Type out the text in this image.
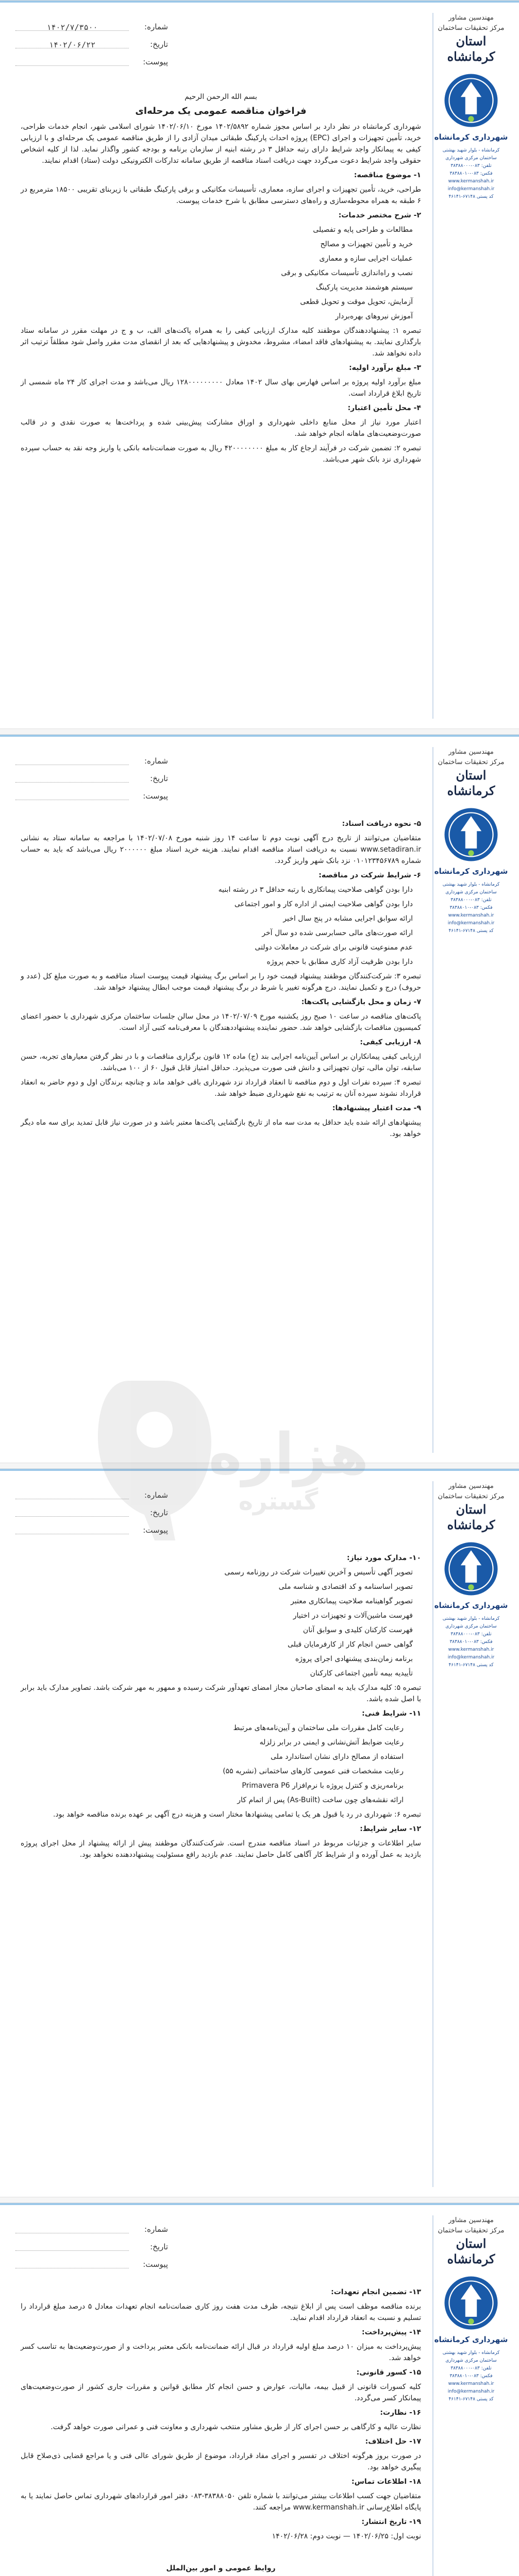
شماره:
۱۴۰۲/۷/۳۵۰۰
تاریخ:
۱۴۰۲/۰۶/۲۲
پیوست:
مهندسین مشاور
مرکز تحقیقات ساختمان
استان کرمانشاه
شهرداری کرمانشاه
کرمانشاه - بلوار شهید بهشتی
ساختمان مرکزی شهرداری
تلفن: ۰۸۳-۳۸۳۸۸۰۰۰
فکس: ۰۸۳-۳۸۳۸۸۰۱۰
www.kermanshah.ir
info@kermanshah.ir
کد پستی ۶۷۱۴۸-۴۶۱۴۱

بسم الله الرحمن الرحیم

فراخوان مناقصه عمومی یک مرحله‌ای

شهرداری کرمانشاه در نظر دارد بر اساس مجوز شماره ۱۴۰۲/۵۸۹۲ مورخ ۱۴۰۲/۰۶/۱۰ شورای اسلامی شهر، انجام خدمات طراحی، خرید، تأمین تجهیزات و اجرای (EPC) پروژه احداث پارکینگ طبقاتی میدان آزادی را از طریق مناقصه عمومی یک مرحله‌ای و با ارزیابی کیفی به پیمانکار واجد شرایط دارای رتبه حداقل ۳ در رشته ابنیه از سازمان برنامه و بودجه کشور واگذار نماید. لذا از کلیه اشخاص حقوقی واجد شرایط دعوت می‌گردد جهت دریافت اسناد مناقصه از طریق سامانه تدارکات الکترونیکی دولت (ستاد) اقدام نمایند.

۱- موضوع مناقصه:

طراحی، خرید، تأمین تجهیزات و اجرای سازه، معماری، تأسیسات مکانیکی و برقی پارکینگ طبقاتی با زیربنای تقریبی ۱۸۵۰۰ مترمربع در ۶ طبقه به همراه محوطه‌سازی و راه‌های دسترسی مطابق با شرح خدمات پیوست.

۲- شرح مختصر خدمات:

مطالعات و طراحی پایه و تفصیلی

خرید و تأمین تجهیزات و مصالح

عملیات اجرایی سازه و معماری

نصب و راه‌اندازی تأسیسات مکانیکی و برقی

سیستم هوشمند مدیریت پارکینگ

آزمایش، تحویل موقت و تحویل قطعی

آموزش نیروهای بهره‌بردار

تبصره ۱: پیشنهاددهندگان موظفند کلیه مدارک ارزیابی کیفی را به همراه پاکت‌های الف، ب و ج در مهلت مقرر در سامانه ستاد بارگذاری نمایند. به پیشنهادهای فاقد امضاء، مشروط، مخدوش و پیشنهادهایی که بعد از انقضای مدت مقرر واصل شود مطلقاً ترتیب اثر داده نخواهد شد.

۳- مبلغ برآورد اولیه:

مبلغ برآورد اولیه پروژه بر اساس فهارس بهای سال ۱۴۰۲ معادل ۱۲۸۰۰۰۰۰۰۰۰۰ ریال می‌باشد و مدت اجرای کار ۲۴ ماه شمسی از تاریخ ابلاغ قرارداد است.

۴- محل تأمین اعتبار:

اعتبار مورد نیاز از محل منابع داخلی شهرداری و اوراق مشارکت پیش‌بینی شده و پرداخت‌ها به صورت نقدی و در قالب صورت‌وضعیت‌های ماهانه انجام خواهد شد.

تبصره ۲: تضمین شرکت در فرآیند ارجاع کار به مبلغ ۴۲۰۰۰۰۰۰۰۰ ریال به صورت ضمانت‌نامه بانکی یا واریز وجه نقد به حساب سپرده شهرداری نزد بانک شهر می‌باشد.

شماره:
تاریخ:
پیوست:
مهندسین مشاور
مرکز تحقیقات ساختمان
استان کرمانشاه
شهرداری کرمانشاه
کرمانشاه - بلوار شهید بهشتی
ساختمان مرکزی شهرداری
تلفن: ۰۸۳-۳۸۳۸۸۰۰۰
فکس: ۰۸۳-۳۸۳۸۸۰۱۰
www.kermanshah.ir
info@kermanshah.ir
کد پستی ۶۷۱۴۸-۴۶۱۴۱

۵- نحوه دریافت اسناد:

متقاضیان می‌توانند از تاریخ درج آگهی نوبت دوم تا ساعت ۱۴ روز شنبه مورخ ۱۴۰۲/۰۷/۰۸ با مراجعه به سامانه ستاد به نشانی www.setadiran.ir نسبت به دریافت اسناد مناقصه اقدام نمایند. هزینه خرید اسناد مبلغ ۲۰۰۰۰۰۰ ریال می‌باشد که باید به حساب شماره ۰۱۰۱۲۳۴۵۶۷۸۹ نزد بانک شهر واریز گردد.

۶- شرایط شرکت در مناقصه:

دارا بودن گواهی صلاحیت پیمانکاری با رتبه حداقل ۳ در رشته ابنیه

دارا بودن گواهی صلاحیت ایمنی از اداره کار و امور اجتماعی

ارائه سوابق اجرایی مشابه در پنج سال اخیر

ارائه صورت‌های مالی حسابرسی شده دو سال آخر

عدم ممنوعیت قانونی برای شرکت در معاملات دولتی

دارا بودن ظرفیت آزاد کاری مطابق با حجم پروژه

تبصره ۳: شرکت‌کنندگان موظفند پیشنهاد قیمت خود را بر اساس برگ پیشنهاد قیمت پیوست اسناد مناقصه و به صورت مبلغ کل (عدد و حروف) درج و تکمیل نمایند. درج هرگونه تغییر یا شرط در برگ پیشنهاد قیمت موجب ابطال پیشنهاد خواهد شد.

۷- زمان و محل بازگشایی پاکت‌ها:

پاکت‌های مناقصه در ساعت ۱۰ صبح روز یکشنبه مورخ ۱۴۰۲/۰۷/۰۹ در محل سالن جلسات ساختمان مرکزی شهرداری با حضور اعضای کمیسیون مناقصات بازگشایی خواهد شد. حضور نماینده پیشنهاددهندگان با معرفی‌نامه کتبی آزاد است.

۸- ارزیابی کیفی:

ارزیابی کیفی پیمانکاران بر اساس آیین‌نامه اجرایی بند (ج) ماده ۱۲ قانون برگزاری مناقصات و با در نظر گرفتن معیارهای تجربه، حسن سابقه، توان مالی، توان تجهیزاتی و دانش فنی صورت می‌پذیرد. حداقل امتیاز قابل قبول ۶۰ از ۱۰۰ می‌باشد.

تبصره ۴: سپرده نفرات اول و دوم مناقصه تا انعقاد قرارداد نزد شهرداری باقی خواهد ماند و چنانچه برندگان اول و دوم حاضر به انعقاد قرارداد نشوند سپرده آنان به ترتیب به نفع شهرداری ضبط خواهد شد.

۹- مدت اعتبار پیشنهادها:

پیشنهادهای ارائه شده باید حداقل به مدت سه ماه از تاریخ بازگشایی پاکت‌ها معتبر باشد و در صورت نیاز قابل تمدید برای سه ماه دیگر خواهد بود.

شماره:
تاریخ:
پیوست:
مهندسین مشاور
مرکز تحقیقات ساختمان
استان کرمانشاه
شهرداری کرمانشاه
کرمانشاه - بلوار شهید بهشتی
ساختمان مرکزی شهرداری
تلفن: ۰۸۳-۳۸۳۸۸۰۰۰
فکس: ۰۸۳-۳۸۳۸۸۰۱۰
www.kermanshah.ir
info@kermanshah.ir
کد پستی ۶۷۱۴۸-۴۶۱۴۱

۱۰- مدارک مورد نیاز:

تصویر آگهی تأسیس و آخرین تغییرات شرکت در روزنامه رسمی

تصویر اساسنامه و کد اقتصادی و شناسه ملی

تصویر گواهینامه صلاحیت پیمانکاری معتبر

فهرست ماشین‌آلات و تجهیزات در اختیار

فهرست کارکنان کلیدی و سوابق آنان

گواهی حسن انجام کار از کارفرمایان قبلی

برنامه زمان‌بندی پیشنهادی اجرای پروژه

تأییدیه بیمه تأمین اجتماعی کارکنان

تبصره ۵: کلیه مدارک باید به امضای صاحبان مجاز امضای تعهدآور شرکت رسیده و ممهور به مهر شرکت باشد. تصاویر مدارک باید برابر با اصل شده باشد.

۱۱- شرایط فنی:

رعایت کامل مقررات ملی ساختمان و آیین‌نامه‌های مرتبط

رعایت ضوابط آتش‌نشانی و ایمنی در برابر زلزله

استفاده از مصالح دارای نشان استاندارد ملی

رعایت مشخصات فنی عمومی کارهای ساختمانی (نشریه ۵۵)

برنامه‌ریزی و کنترل پروژه با نرم‌افزار Primavera P6

ارائه نقشه‌های چون ساخت (As-Built) پس از اتمام کار

تبصره ۶: شهرداری در رد یا قبول هر یک یا تمامی پیشنهادها مختار است و هزینه درج آگهی بر عهده برنده مناقصه خواهد بود.

۱۲- سایر شرایط:

سایر اطلاعات و جزئیات مربوط در اسناد مناقصه مندرج است. شرکت‌کنندگان موظفند پیش از ارائه پیشنهاد از محل اجرای پروژه بازدید به عمل آورده و از شرایط کار آگاهی کامل حاصل نمایند. عدم بازدید رافع مسئولیت پیشنهاددهنده نخواهد بود.

شماره:
تاریخ:
پیوست:
مهندسین مشاور
مرکز تحقیقات ساختمان
استان کرمانشاه
شهرداری کرمانشاه
کرمانشاه - بلوار شهید بهشتی
ساختمان مرکزی شهرداری
تلفن: ۰۸۳-۳۸۳۸۸۰۰۰
فکس: ۰۸۳-۳۸۳۸۸۰۱۰
www.kermanshah.ir
info@kermanshah.ir
کد پستی ۶۷۱۴۸-۴۶۱۴۱

۱۳- تضمین انجام تعهدات:

برنده مناقصه موظف است پس از ابلاغ نتیجه، ظرف مدت هفت روز کاری ضمانت‌نامه انجام تعهدات معادل ۵ درصد مبلغ قرارداد را تسلیم و نسبت به انعقاد قرارداد اقدام نماید.

۱۴- پیش‌پرداخت:

پیش‌پرداخت به میزان ۱۰ درصد مبلغ اولیه قرارداد در قبال ارائه ضمانت‌نامه بانکی معتبر پرداخت و از صورت‌وضعیت‌ها به تناسب کسر خواهد شد.

۱۵- کسور قانونی:

کلیه کسورات قانونی از قبیل بیمه، مالیات، عوارض و حسن انجام کار مطابق قوانین و مقررات جاری کشور از صورت‌وضعیت‌های پیمانکار کسر می‌گردد.

۱۶- نظارت:

نظارت عالیه و کارگاهی بر حسن اجرای کار از طریق مشاور منتخب شهرداری و معاونت فنی و عمرانی صورت خواهد گرفت.

۱۷- حل اختلاف:

در صورت بروز هرگونه اختلاف در تفسیر و اجرای مفاد قرارداد، موضوع از طریق شورای عالی فنی و یا مراجع قضایی ذی‌صلاح قابل پیگیری خواهد بود.

۱۸- اطلاعات تماس:

متقاضیان جهت کسب اطلاعات بیشتر می‌توانند با شماره تلفن ۳۸۳۸۸۰۵۰-۰۸۳ دفتر امور قراردادهای شهرداری تماس حاصل نمایند یا به پایگاه اطلاع‌رسانی www.kermanshah.ir مراجعه کنند.

۱۹- تاریخ انتشار:

نوبت اول: ۱۴۰۲/۰۶/۲۵ — نوبت دوم: ۱۴۰۲/۰۶/۲۸

روابط عمومی و امور بین‌الملل
